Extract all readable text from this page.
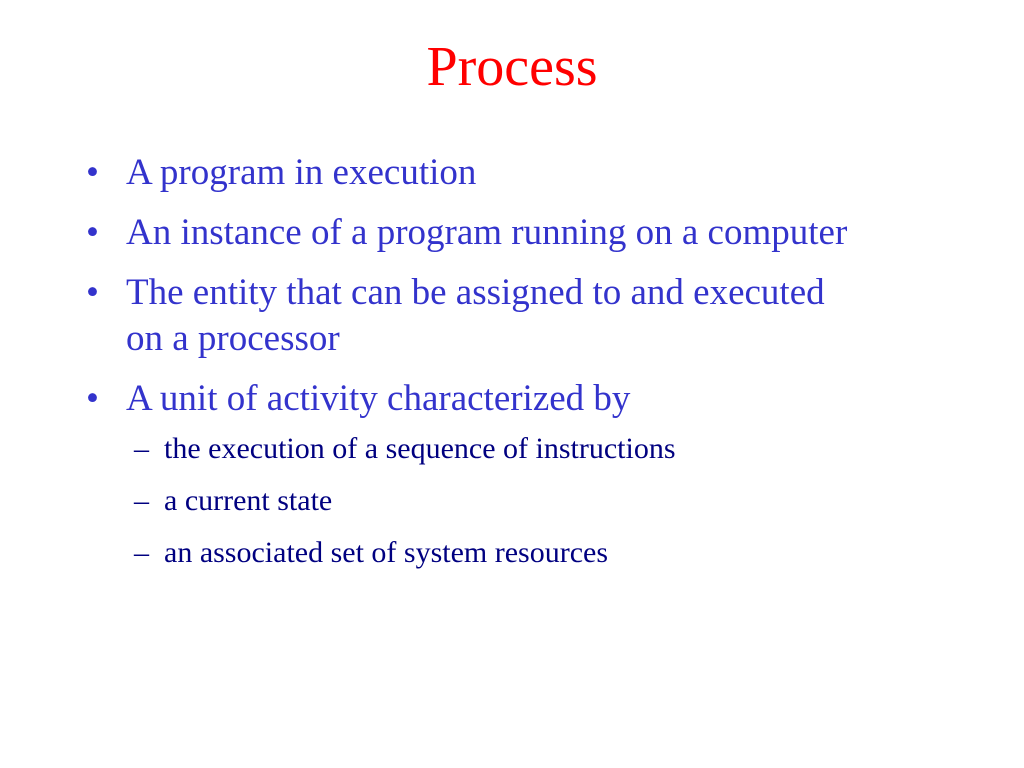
Process
• A program in execution
• An instance of a program running on a computer
• The entity that can be assigned to and executed
on a processor
• A unit of activity characterized by
– the execution of a sequence of instructions
– a current state
– an associated set of system resources
